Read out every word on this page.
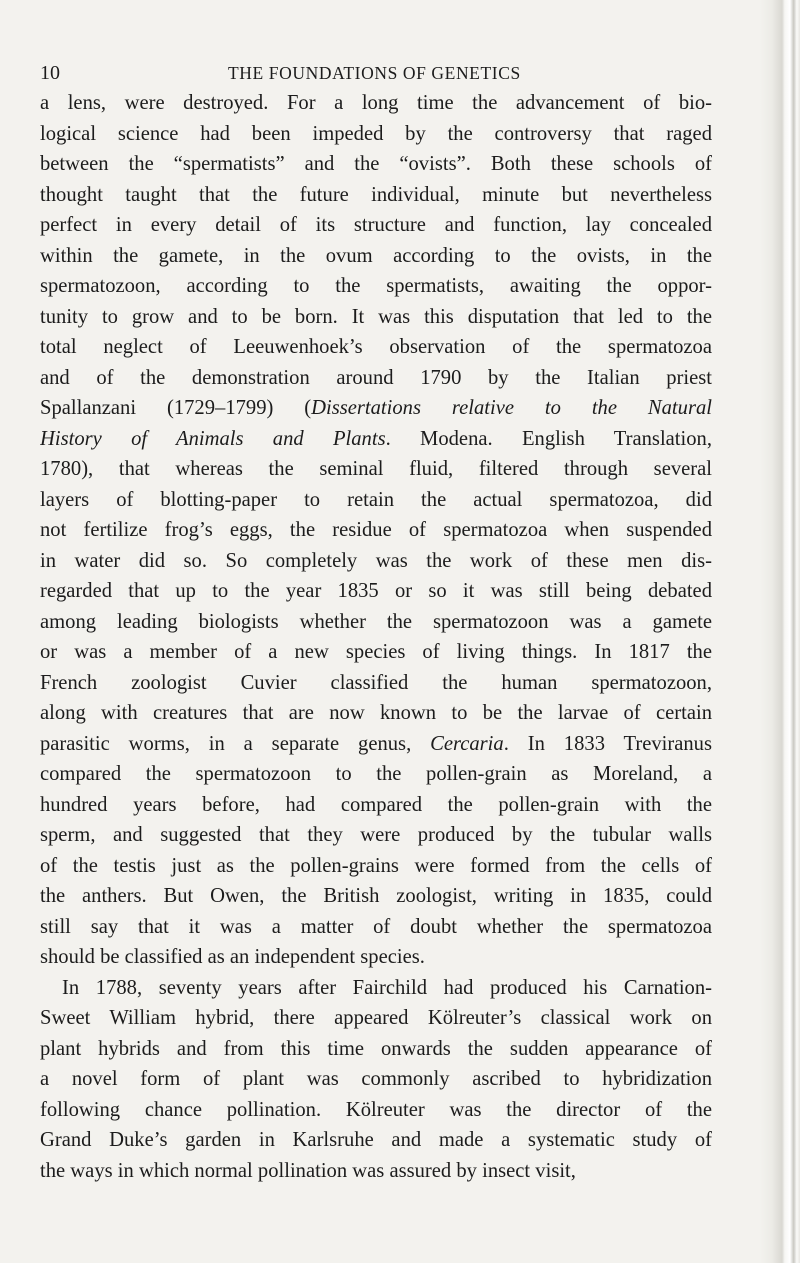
10	THE FOUNDATIONS OF GENETICS
a lens, were destroyed. For a long time the advancement of bio-
logical science had been impeded by the controversy that raged
between the “spermatists” and the “ovists”. Both these schools of
thought taught that the future individual, minute but nevertheless
perfect in every detail of its structure and function, lay concealed
within the gamete, in the ovum according to the ovists, in the
spermatozoon, according to the spermatists, awaiting the oppor-
tunity to grow and to be born. It was this disputation that led to the
total neglect of Leeuwenhoek’s observation of the spermatozoa
and of the demonstration around 1790 by the Italian priest
Spallanzani (1729–1799) (Dissertations relative to the Natural
History of Animals and Plants. Modena. English Translation,
1780), that whereas the seminal fluid, filtered through several
layers of blotting-paper to retain the actual spermatozoa, did
not fertilize frog’s eggs, the residue of spermatozoa when suspended
in water did so. So completely was the work of these men dis-
regarded that up to the year 1835 or so it was still being debated
among leading biologists whether the spermatozoon was a gamete
or was a member of a new species of living things. In 1817 the
French zoologist Cuvier classified the human spermatozoon,
along with creatures that are now known to be the larvae of certain
parasitic worms, in a separate genus, Cercaria. In 1833 Treviranus
compared the spermatozoon to the pollen-grain as Moreland, a
hundred years before, had compared the pollen-grain with the
sperm, and suggested that they were produced by the tubular walls
of the testis just as the pollen-grains were formed from the cells of
the anthers. But Owen, the British zoologist, writing in 1835, could
still say that it was a matter of doubt whether the spermatozoa
should be classified as an independent species.
In 1788, seventy years after Fairchild had produced his Carnation-
Sweet William hybrid, there appeared Kölreuter’s classical work on
plant hybrids and from this time onwards the sudden appearance of
a novel form of plant was commonly ascribed to hybridization
following chance pollination. Kölreuter was the director of the
Grand Duke’s garden in Karlsruhe and made a systematic study of
the ways in which normal pollination was assured by insect visit,
